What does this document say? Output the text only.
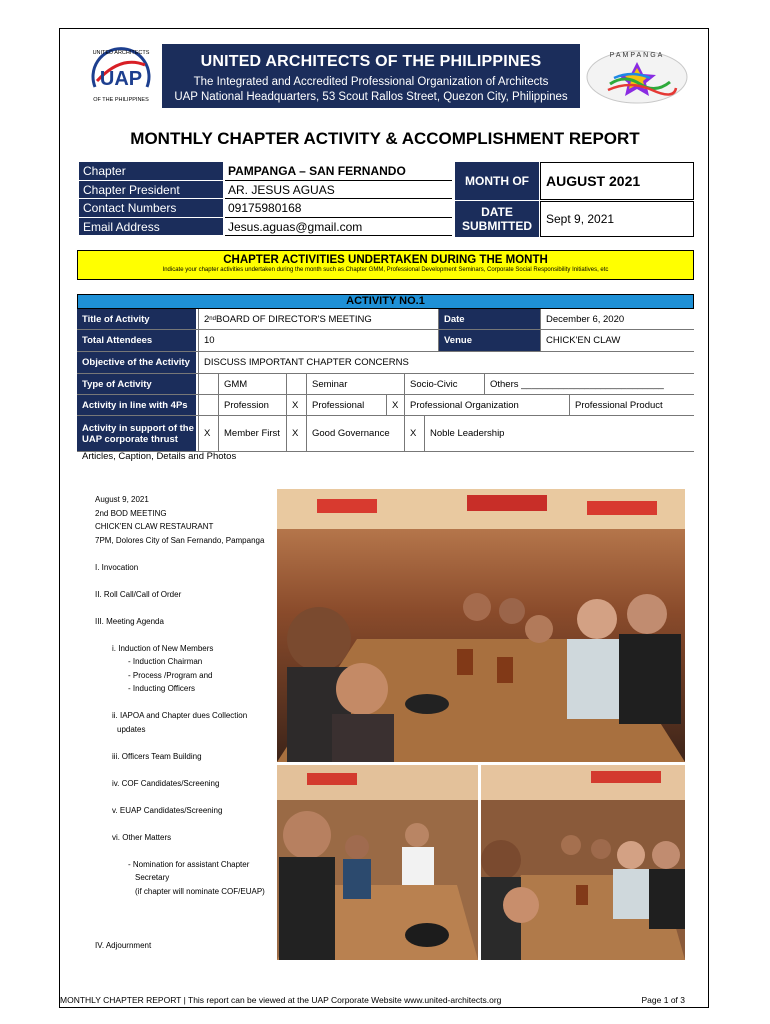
UAP
UNITED ARCHITECTS
OF THE PHILIPPINES
UNITED ARCHITECTS OF THE PHILIPPINES
The Integrated and Accredited Professional Organization of Architects
UAP National Headquarters, 53 Scout Rallos Street, Quezon City, Philippines
PAMPANGA
MONTHLY CHAPTER ACTIVITY & ACCOMPLISHMENT REPORT
Chapter	PAMPANGA – SAN FERNANDO
Chapter President	AR. JESUS AGUAS
Contact Numbers	09175980168
Email Address	Jesus.aguas@gmail.com
MONTH OF	AUGUST 2021
DATE
SUBMITTED	Sept 9, 2021
CHAPTER ACTIVITIES UNDERTAKEN DURING THE MONTH
Indicate your chapter activities undertaken during the month such as Chapter GMM, Professional Development Seminars, Corporate Social Responsibility Initiatives, etc
ACTIVITY NO.1
Title of Activity	2 nd BOARD OF DIRECTOR'S MEETING	Date	December 6, 2020
Total Attendees	10	Venue	CHICK'EN CLAW
Objective of the Activity	DISCUSS IMPORTANT CHAPTER CONCERNS
Type of Activity	GMM	Seminar	Socio-Civic	Others ___________________________
Activity in line with 4Ps	Profession	X	Professional	X	Professional Organization	Professional Product
Activity in support of the UAP corporate thrust	X	Member First	X	Good Governance	X	Noble Leadership
Articles, Caption, Details and Photos
August 9, 2021
2nd BOD MEETING
CHICK'EN CLAW RESTAURANT
7PM, Dolores City of San Fernando, Pampanga
I. Invocation
II. Roll Call/Call of Order
III. Meeting Agenda
i. Induction of New Members
- Induction Chairman
- Process /Program and
- Inducting Officers
ii. IAPOA and Chapter dues Collection
updates
iii. Officers Team Building
iv. COF Candidates/Screening
v. EUAP Candidates/Screening
vi. Other Matters
- Nomination for assistant Chapter
Secretary
(if chapter will nominate COF/EUAP)
IV. Adjournment
MONTHLY CHAPTER REPORT | This report can be viewed at the UAP Corporate Website www.united-architects.org	Page 1 of 3
